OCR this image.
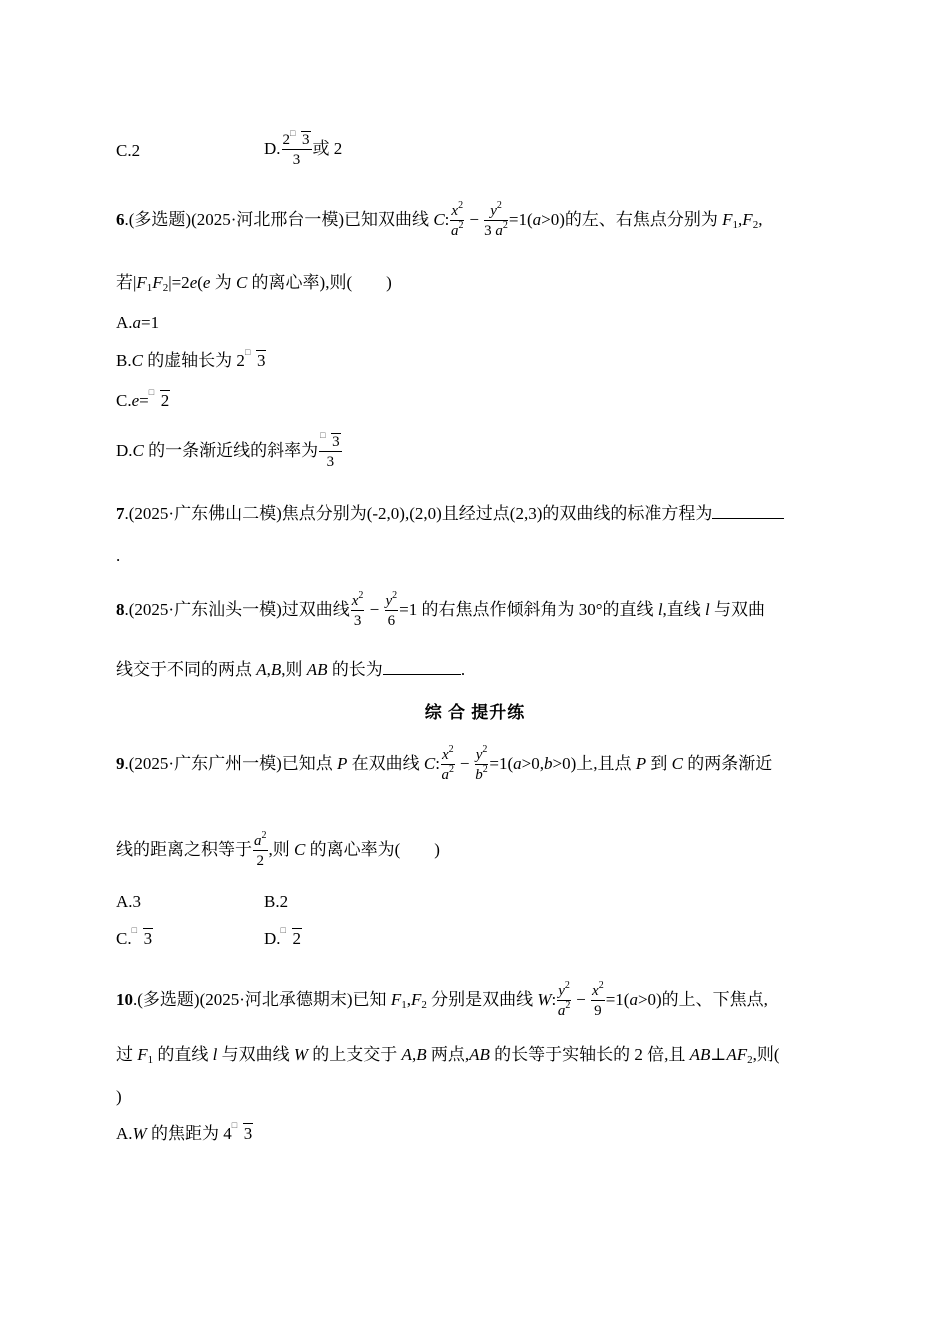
C.2	D. $\frac{2 □ 3}{3}$ 或 2
6.(多选题)(2025·河北邢台一模)已知双曲线 C: $\frac{x^2}{a^2} - \frac{y^2}{3 a^2} =1(a>0)$的左、右焦点分别为 $F_1,F_2$,
若$|F_1F_2|=2e(e$ 为 C 的离心率),则(　　)
A.a=1
B.C 的虚轴长为 2 □ 3
C.e= □ 2
D.C 的一条渐近线的斜率为 $\frac{□ 3}{3}$
7.(2025·广东佛山二模)焦点分别为(-2,0),(2,0)且经过点(2,3)的双曲线的标准方程为
.
8.(2025·广东汕头一模)过双曲线 $\frac{x^2}{3} - \frac{y^2}{6} =1$ 的右焦点作倾斜角为 30°的直线 l,直线 l 与双曲
线交于不同的两点 A,B,则 AB 的长为	.
综 合 提升练
9.(2025·广东广州一模)已知点 P 在双曲线 C: $\frac{x^2}{a^2} - \frac{y^2}{b^2} =1(a>0,b>0)$上,且点 P 到 C 的两条渐近
线的距离之积等于 $\frac{a^2}{2}$ ,则 C 的离心率为(　　)
A.3	B.2
C. □ 3	D. □ 2
10.(多选题)(2025·河北承德期末)已知 $F_1,F_2$ 分别是双曲线 W: $\frac{y^2}{a^2} - \frac{x^2}{9} =1(a>0)$的上、下焦点,
过 $F_1$ 的直线 l 与双曲线 W 的上支交于 A,B 两点,AB 的长等于实轴长的 2 倍,且 $AB\perp AF_2$,则(
)
A.W 的焦距为 4 □ 3
